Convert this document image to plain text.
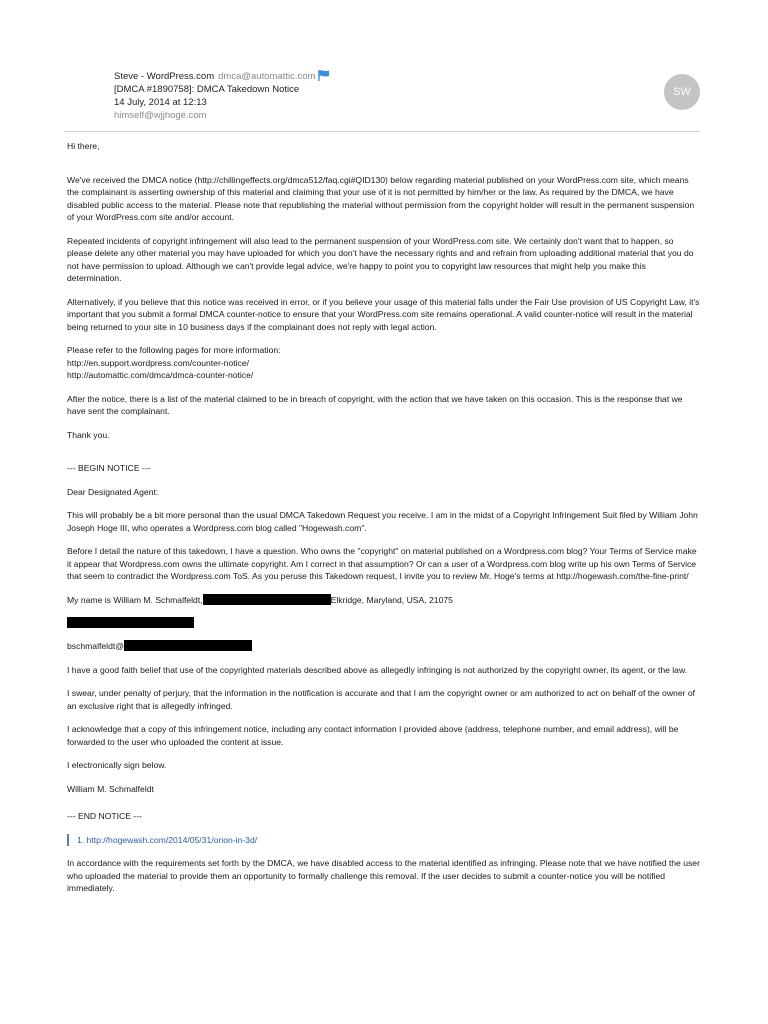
Steve - WordPress.com dmca@automattic.com
[DMCA #1890758]: DMCA Takedown Notice
14 July, 2014 at 12:13
himself@wjjhoge.com
SW

Hi there,

We've received the DMCA notice (http://chillingeffects.org/dmca512/faq.cgi#QID130) below regarding material published on your WordPress.com site, which means the complainant is asserting ownership of this material and claiming that your use of it is not permitted by him/her or the law. As required by the DMCA, we have disabled public access to the material. Please note that republishing the material without permission from the copyright holder will result in the permanent suspension of your WordPress.com site and/or account.

Repeated incidents of copyright infringement will also lead to the permanent suspension of your WordPress.com site. We certainly don't want that to happen, so please delete any other material you may have uploaded for which you don't have the necessary rights and and refrain from uploading additional material that you do not have permission to upload. Although we can't provide legal advice, we're happy to point you to copyright law resources that might help you make this determination.

Alternatively, if you believe that this notice was received in error, or if you believe your usage of this material falls under the Fair Use provision of US Copyright Law, it's important that you submit a formal DMCA counter-notice to ensure that your WordPress.com site remains operational. A valid counter-notice will result in the material being returned to your site in 10 business days if the complainant does not reply with legal action.

Please refer to the following pages for more information:
http://en.support.wordpress.com/counter-notice/
http://automattic.com/dmca/dmca-counter-notice/

After the notice, there is a list of the material claimed to be in breach of copyright, with the action that we have taken on this occasion. This is the response that we have sent the complainant.

Thank you.

--- BEGIN NOTICE ---

Dear Designated Agent:

This will probably be a bit more personal than the usual DMCA Takedown Request you receive. I am in the midst of a Copyright Infringement Suit filed by William John Joseph Hoge III, who operates a Wordpress.com blog called "Hogewash.com".

Before I detail the nature of this takedown, I have a question. Who owns the "copyright" on material published on a Wordpress.com blog? Your Terms of Service make it appear that Wordpress.com owns the ultimate copyright. Am I correct in that assumption? Or can a user of a Wordpress.com blog write up his own Terms of Service that seem to contradict the Wordpress.com ToS. As you peruse this Takedown request, I invite you to review Mr. Hoge's terms at http://hogewash.com/the-fine-print/

My name is William M. Schmalfeldt,	Elkridge, Maryland, USA, 21075

bschmalfeldt@

I have a good faith belief that use of the copyrighted materials described above as allegedly infringing is not authorized by the copyright owner, its agent, or the law.

I swear, under penalty of perjury, that the information in the notification is accurate and that I am the copyright owner or am authorized to act on behalf of the owner of an exclusive right that is allegedly infringed.

I acknowledge that a copy of this infringement notice, including any contact information I provided above (address, telephone number, and email address), will be forwarded to the user who uploaded the content at issue.

I electronically sign below.

William M. Schmalfeldt

--- END NOTICE ---

1. http://hogewash.com/2014/05/31/orion-in-3d/

In accordance with the requirements set forth by the DMCA, we have disabled access to the material identified as infringing. Please note that we have notified the user who uploaded the material to provide them an opportunity to formally challenge this removal. If the user decides to submit a counter-notice you will be notified immediately.
